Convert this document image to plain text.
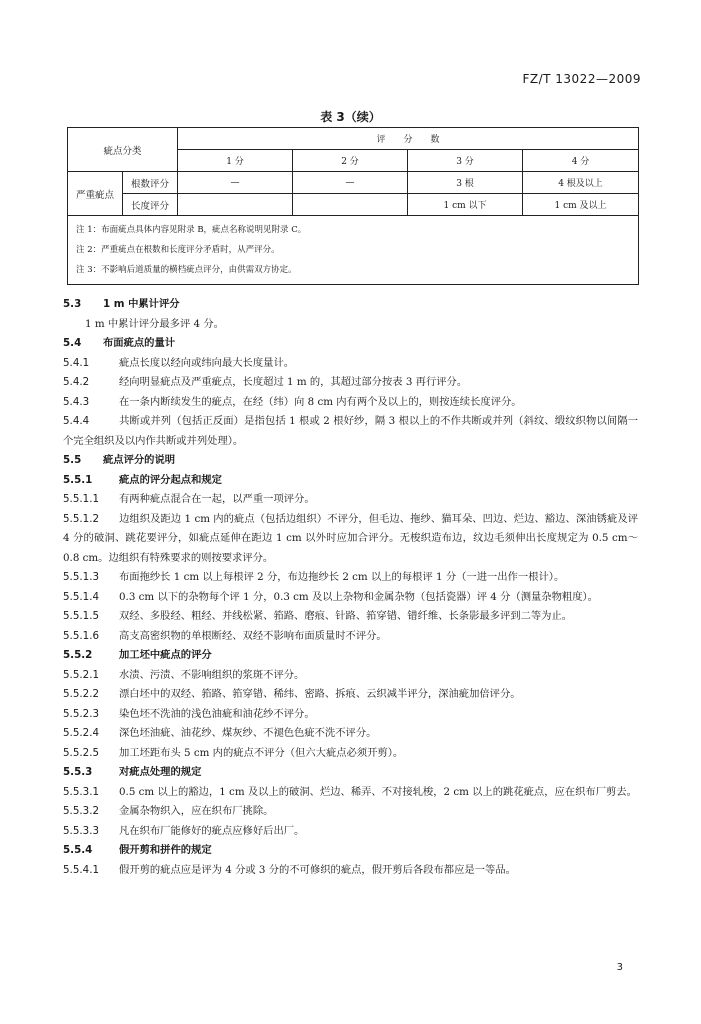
FZ/T 13022—2009
表 3（续）
疵点分类		评　　分　　数			
		1 分	2 分	3 分	4 分
严重疵点	根数评分	—	—	3 根	4 根及以上
	长度评分			1 cm 以下	1 cm 及以上

注 1：布面疵点具体内容见附录 B，疵点名称说明见附录 C。
注 2：严重疵点在根数和长度评分矛盾时，从严评分。
注 3：不影响后道质量的横档疵点评分，由供需双方协定。					
5.3 1 m 中累计评分
1 m 中累计评分最多评 4 分。
5.4 布面疵点的量计
5.4.1	疵点长度以经向或纬向最大长度量计。
5.4.2	经向明显疵点及严重疵点，长度超过 1 m 的，其超过部分按表 3 再行评分。
5.4.3	在一条内断续发生的疵点，在经（纬）向 8 cm 内有两个及以上的，则按连续长度评分。
5.4.4	共断或并列（包括正反面）是指包括 1 根或 2 根好纱，隔 3 根以上的不作共断或并列（斜纹、缎纹织物以间隔一个完全组织及以内作共断或并列处理）。
5.5 疵点评分的说明
5.5.1	疵点的评分起点和规定
5.5.1.1 有两种疵点混合在一起，以严重一项评分。
5.5.1.2 边组织及距边 1 cm 内的疵点（包括边组织）不评分，但毛边、拖纱、猫耳朵、凹边、烂边、豁边、深油锈疵及评 4 分的破洞、跳花要评分，如疵点延伸在距边 1 cm 以外时应加合评分。无梭织造布边，纹边毛须伸出长度规定为 0.5 cm～0.8 cm。边组织有特殊要求的则按要求评分。
5.5.1.3 布面拖纱长 1 cm 以上每根评 2 分，布边拖纱长 2 cm 以上的每根评 1 分（一进一出作一根计）。
5.5.1.4 0.3 cm 以下的杂物每个评 1 分，0.3 cm 及以上杂物和金属杂物（包括瓷器）评 4 分（测量杂物粗度）。
5.5.1.5 双经、多股经、粗经、并线松紧、筘路、磨痕、针路、筘穿错、错纤维、长条影最多评到二等为止。
5.5.1.6 高支高密织物的单根断经、双经不影响布面质量时不评分。
5.5.2	加工坯中疵点的评分
5.5.2.1 水渍、污渍、不影响组织的浆斑不评分。
5.5.2.2 漂白坯中的双经、筘路、筘穿错、稀纬、密路、拆痕、云织减半评分，深油疵加倍评分。
5.5.2.3 染色坯不洗油的浅色油疵和油花纱不评分。
5.5.2.4 深色坯油疵、油花纱、煤灰纱、不褪色色疵不洗不评分。
5.5.2.5 加工坯距布头 5 cm 内的疵点不评分（但六大疵点必须开剪）。
5.5.3	对疵点处理的规定
5.5.3.1 0.5 cm 以上的豁边，1 cm 及以上的破洞、烂边、稀弄、不对接轧梭，2 cm 以上的跳花疵点，应在织布厂剪去。
5.5.3.2 金属杂物织入，应在织布厂挑除。
5.5.3.3 凡在织布厂能修好的疵点应修好后出厂。
5.5.4	假开剪和拼件的规定
5.5.4.1 假开剪的疵点应是评为 4 分或 3 分的不可修织的疵点，假开剪后各段布都应是一等品。
3
